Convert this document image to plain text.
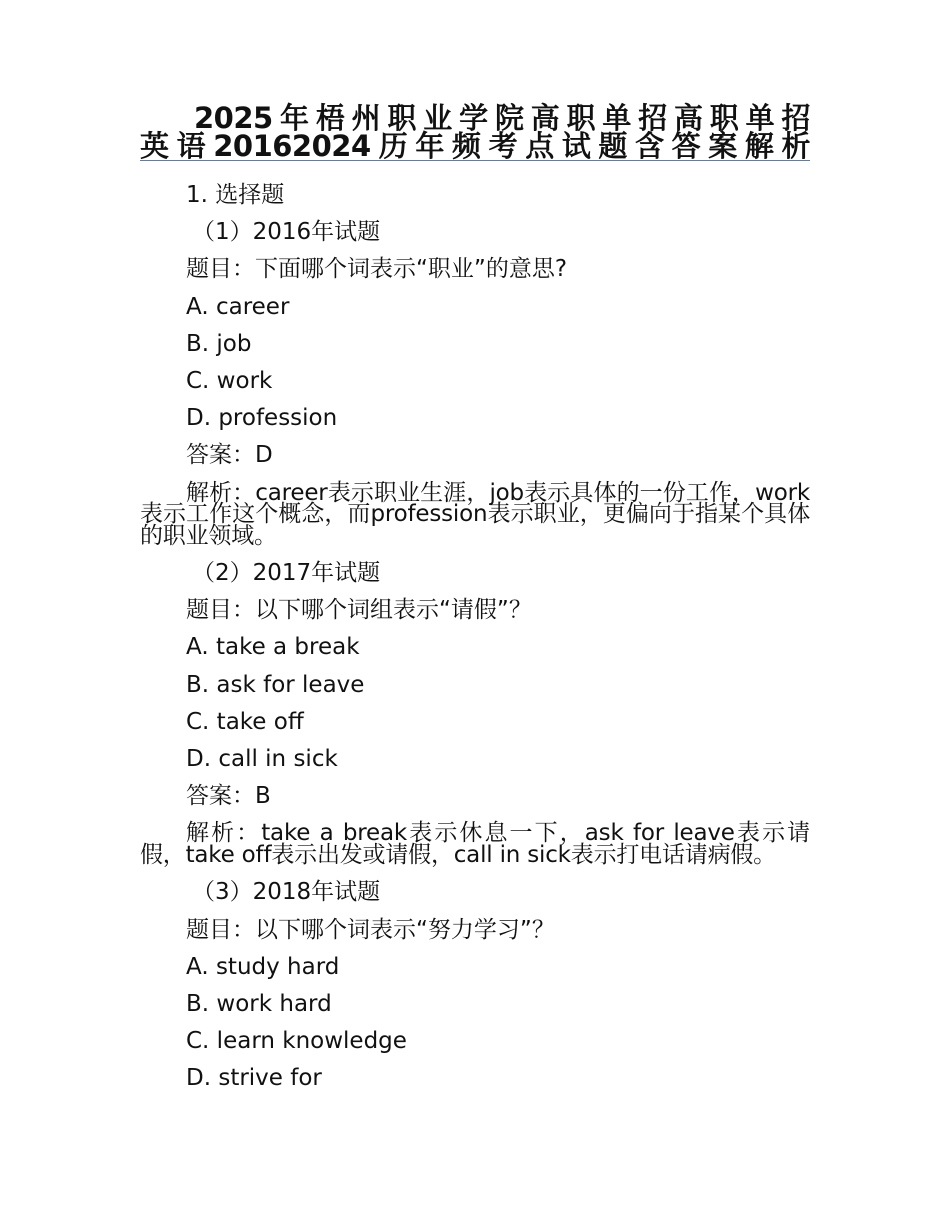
2025年梧州职业学院高职单招高职单招
英语20162024历年频考点试题含答案解析
1. 选择题
（1）2016年试题
题目：下面哪个词表示“职业”的意思?
A. career
B. job
C. work
D. profession
答案：D
解析：career表示职业生涯，job表示具体的一份工作，work表示工作这个概念，而profession表示职业，更偏向于指某个具体的职业领域。
（2）2017年试题
题目：以下哪个词组表示“请假”？
A. take a break
B. ask for leave
C. take off
D. call in sick
答案：B
解析：take a break表示休息一下，ask for leave表示请假，take off表示出发或请假，call in sick表示打电话请病假。
（3）2018年试题
题目：以下哪个词表示“努力学习”？
A. study hard
B. work hard
C. learn knowledge
D. strive for
